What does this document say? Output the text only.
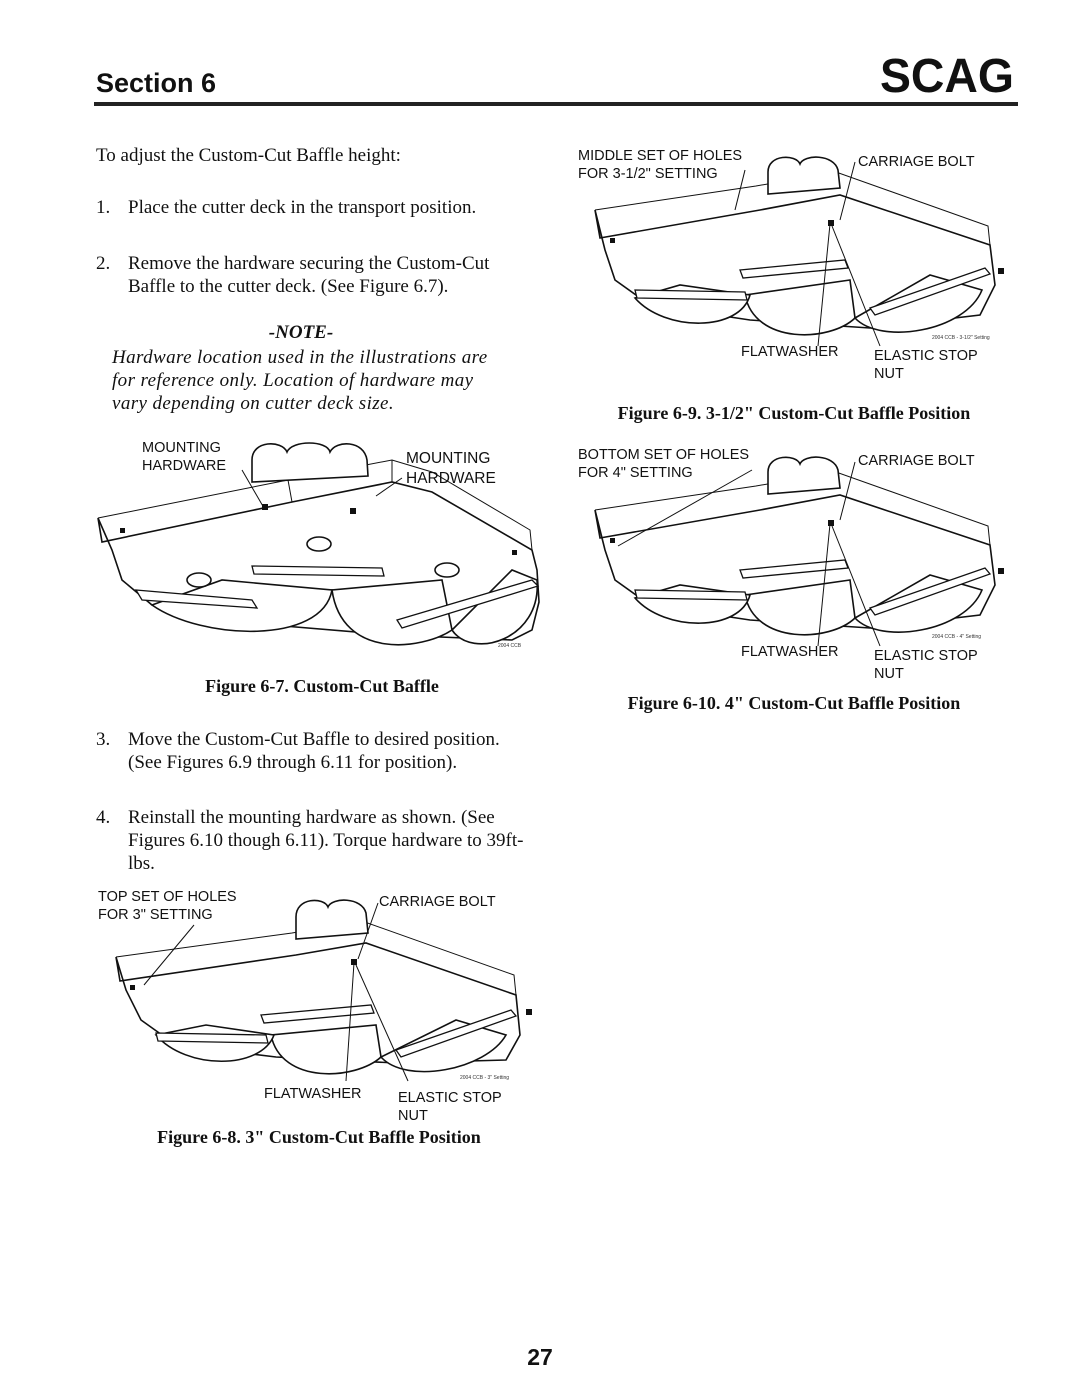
Section 6	SCAG
To adjust the Custom-Cut Baffle height:
1. Place the cutter deck in the transport position.
2. Remove the hardware securing the Custom-Cut Baffle to the cutter deck. (See Figure 6.7).
-NOTE-
Hardware location used in the illustrations are for reference only. Location of hardware may vary depending on cutter deck size.
MOUNTING
HARDWARE	MOUNTING
HARDWARE
2004 CCB
Figure 6-7. Custom-Cut Baffle
3. Move the Custom-Cut Baffle to desired position. (See Figures 6.9 through 6.11 for position).
4. Reinstall the mounting hardware as shown. (See Figures 6.10 though 6.11). Torque hardware to 39ft-lbs.
TOP SET OF HOLES
FOR 3" SETTING
CARRIAGE BOLT
2004 CCB - 3" Setting
FLATWASHER	ELASTIC STOP
NUT
Figure 6-8. 3" Custom-Cut Baffle Position
MIDDLE SET OF HOLES
FOR 3-1/2" SETTING
CARRIAGE BOLT
2004 CCB - 3-1/2" Setting
FLATWASHER ELASTIC STOP
NUT
Figure 6-9. 3-1/2" Custom-Cut Baffle Position
BOTTOM SET OF HOLES
FOR 4" SETTING
CARRIAGE BOLT
2004 CCB - 4" Setting
FLATWASHER ELASTIC STOP
NUT
Figure 6-10. 4" Custom-Cut Baffle Position
27
